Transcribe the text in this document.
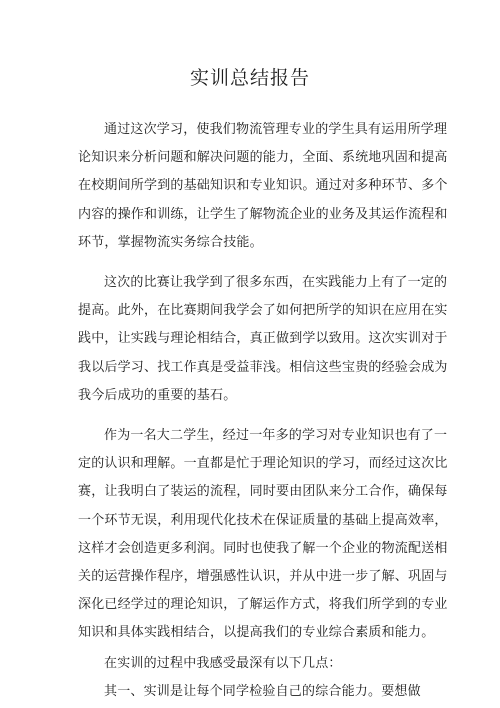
实训总结报告

通过这次学习，使我们物流管理专业的学生具有运用所学理论知识来分析问题和解决问题的能力，全面、系统地巩固和提高在校期间所学到的基础知识和专业知识。通过对多种环节、多个内容的操作和训练，让学生了解物流企业的业务及其运作流程和环节，掌握物流实务综合技能。

这次的比赛让我学到了很多东西，在实践能力上有了一定的提高。此外，在比赛期间我学会了如何把所学的知识在应用在实践中，让实践与理论相结合，真正做到学以致用。这次实训对于我以后学习、找工作真是受益菲浅。相信这些宝贵的经验会成为我今后成功的重要的基石。

作为一名大二学生，经过一年多的学习对专业知识也有了一定的认识和理解。一直都是忙于理论知识的学习，而经过这次比赛，让我明白了装运的流程，同时要由团队来分工合作，确保每一个环节无误，利用现代化技术在保证质量的基础上提高效率，这样才会创造更多利润。同时也使我了解一个企业的物流配送相关的运营操作程序，增强感性认识，并从中进一步了解、巩固与深化已经学过的理论知识，了解运作方式，将我们所学到的专业知识和具体实践相结合，以提高我们的专业综合素质和能力。

在实训的过程中我感受最深有以下几点：

其一、实训是让每个同学检验自己的综合能力。要想做
